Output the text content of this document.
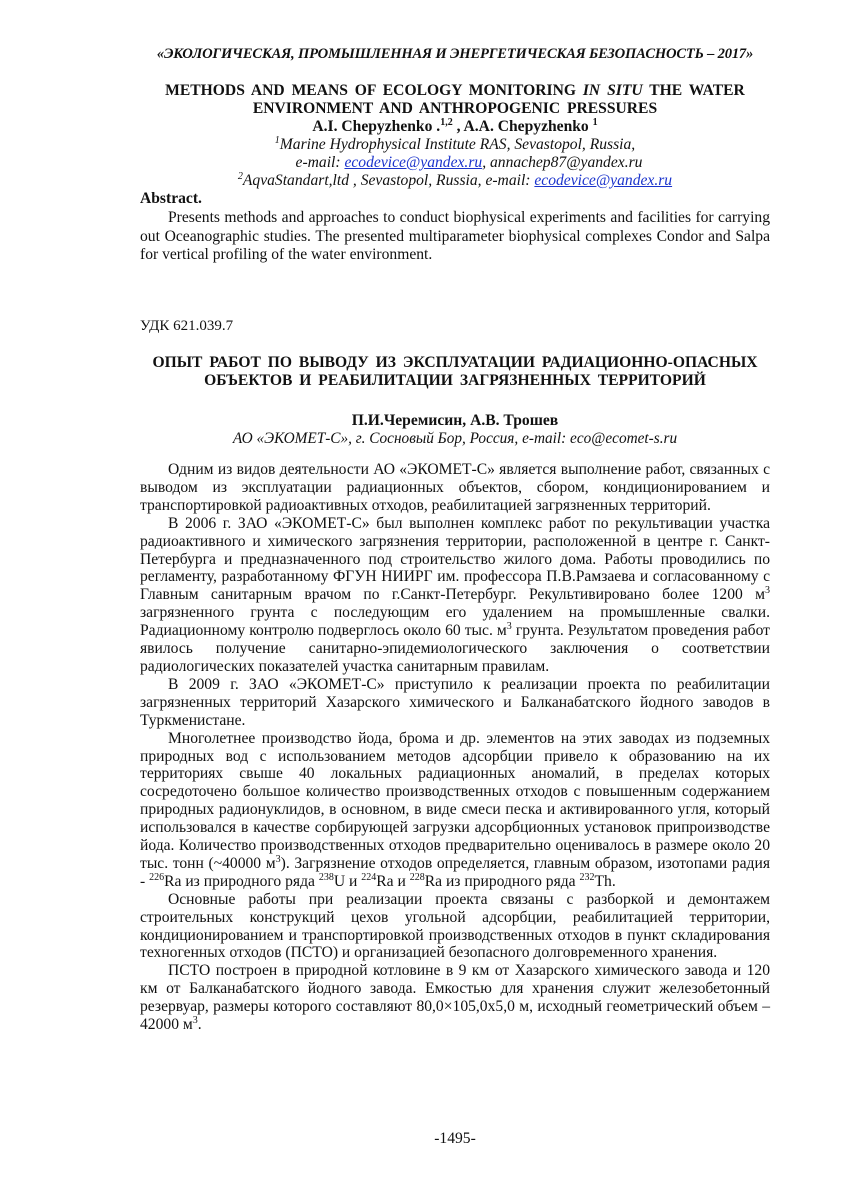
«ЭКОЛОГИЧЕСКАЯ, ПРОМЫШЛЕННАЯ И ЭНЕРГЕТИЧЕСКАЯ БЕЗОПАСНОСТЬ – 2017»
METHODS AND MEANS OF ECOLOGY MONITORING IN SITU THE WATER ENVIRONMENT AND ANTHROPOGENIC PRESSURES
A.I. Chepyzhenko .$^{1,2}$ , A.A. Chepyzhenko $^1$
$^1$Marine Hydrophysical Institute RAS, Sevastopol, Russia,
e-mail: ecodevice@yandex.ru, annachep87@yandex.ru
$^2$AqvaStandart,ltd , Sevastopol, Russia, e-mail: ecodevice@yandex.ru
Abstract.
Presents methods and approaches to conduct biophysical experiments and facilities for carrying out Oceanographic studies. The presented multiparameter biophysical complexes Condor and Salpa for vertical profiling of the water environment.
УДК 621.039.7
ОПЫТ РАБОТ ПО ВЫВОДУ ИЗ ЭКСПЛУАТАЦИИ РАДИАЦИОННО-ОПАСНЫХ ОБЪЕКТОВ И РЕАБИЛИТАЦИИ ЗАГРЯЗНЕННЫХ ТЕРРИТОРИЙ
П.И.Черемисин, А.В. Трошев
АО «ЭКОМЕТ-С», г. Сосновый Бор, Россия, e-mail: eco@ecomet-s.ru

Одним из видов деятельности АО «ЭКОМЕТ-С» является выполнение работ, связанных с выводом из эксплуатации радиационных объектов, сбором, кондиционированием и транспортировкой радиоактивных отходов, реабилитацией загрязненных территорий.

В 2006 г. ЗАО «ЭКОМЕТ-С» был выполнен комплекс работ по рекультивации участка радиоактивного и химического загрязнения территории, расположенной в центре г. Санкт-Петербурга и предназначенного под строительство жилого дома. Работы проводились по регламенту, разработанному ФГУН НИИРГ им. профессора П.В.Рамзаева и согласованному с Главным санитарным врачом по г.Санкт-Петербург. Рекультивировано более 1200 $м^3$ загрязненного грунта с последующим его удалением на промышленные свалки. Радиационному контролю подверглось около 60 тыс. $м^3$ грунта. Результатом проведения работ явилось получение санитарно-эпидемиологического заключения о соответствии радиологических показателей участка санитарным правилам.

В 2009 г. ЗАО «ЭКОМЕТ-С» приступило к реализации проекта по реабилитации загрязненных территорий Хазарского химического и Балканабатского йодного заводов в Туркменистане.

Многолетнее производство йода, брома и др. элементов на этих заводах из подземных природных вод с использованием методов адсорбции привело к образованию на их территориях свыше 40 локальных радиационных аномалий, в пределах которых сосредоточено большое количество производственных отходов с повышенным содержанием природных радионуклидов, в основном, в виде смеси песка и активированного угля, который использовался в качестве сорбирующей загрузки адсорбционных установок припроизводстве йода. Количество производственных отходов предварительно оценивалось в размере около 20 тыс. тонн (~40000 $м^3$). Загрязнение отходов определяется, главным образом, изотопами радия - $^{226}$Ra из природного ряда $^{238}$U и $^{224}$Ra и $^{228}$Ra из природного ряда $^{232}$Th.

Основные работы при реализации проекта связаны с разборкой и демонтажем строительных конструкций цехов угольной адсорбции, реабилитацией территории, кондиционированием и транспортировкой производственных отходов в пункт складирования техногенных отходов (ПСТО) и организацией безопасного долговременного хранения.

ПСТО построен в природной котловине в 9 км от Хазарского химического завода и 120 км от Балканабатского йодного завода. Емкостью для хранения служит железобетонный резервуар, размеры которого составляют 80,0×105,0х5,0 м, исходный геометрический объем – 42000 $м^3$.

-1495-
